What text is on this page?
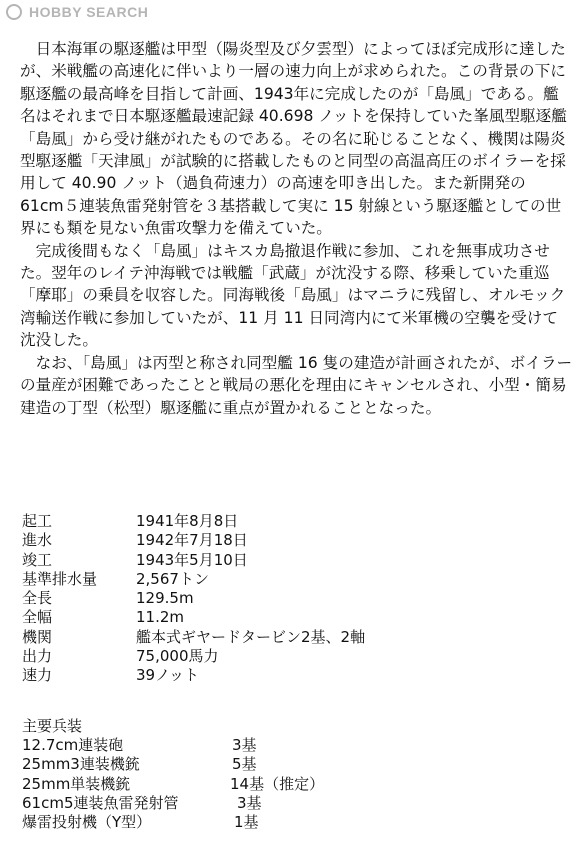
HOBBY SEARCH

　日本海軍の駆逐艦は甲型（陽炎型及び夕雲型）によってほぼ完成形に達したが、米戦艦の高速化に伴いより一層の速力向上が求められた。この背景の下に駆逐艦の最高峰を目指して計画、1943年に完成したのが「島風」である。艦名はそれまで日本駆逐艦最速記録 40.698 ノットを保持していた峯風型駆逐艦「島風」から受け継がれたものである。その名に恥じることなく、機関は陽炎型駆逐艦「天津風」が試験的に搭載したものと同型の高温高圧のボイラーを採用して 40.90 ノット（過負荷速力）の高速を叩き出した。また新開発の 61cm５連装魚雷発射管を３基搭載して実に 15 射線という駆逐艦としての世界にも類を見ない魚雷攻撃力を備えていた。

　完成後間もなく「島風」はキスカ島撤退作戦に参加、これを無事成功させた。翌年のレイテ沖海戦では戦艦「武蔵」が沈没する際、移乗していた重巡「摩耶」の乗員を収容した。同海戦後「島風」はマニラに残留し、オルモック湾輸送作戦に参加していたが、11 月 11 日同湾内にて米軍機の空襲を受けて沈没した。

　なお、「島風」は丙型と称され同型艦 16 隻の建造が計画されたが、ボイラーの量産が困難であったことと戦局の悪化を理由にキャンセルされ、小型・簡易建造の丁型（松型）駆逐艦に重点が置かれることとなった。

起工	1941年8月8日
進水	1942年7月18日
竣工	1943年5月10日
基準排水量	2,567トン
全長	129.5m
全幅	11.2m
機関	艦本式ギヤードタービン2基、2軸
出力	75,000馬力
速力	39ノット
主要兵装
12.7cm連装砲	3基
25mm3連装機銃	5基
25mm単装機銃	14基（推定）
61cm5連装魚雷発射管	3基
爆雷投射機（Y型）	1基
